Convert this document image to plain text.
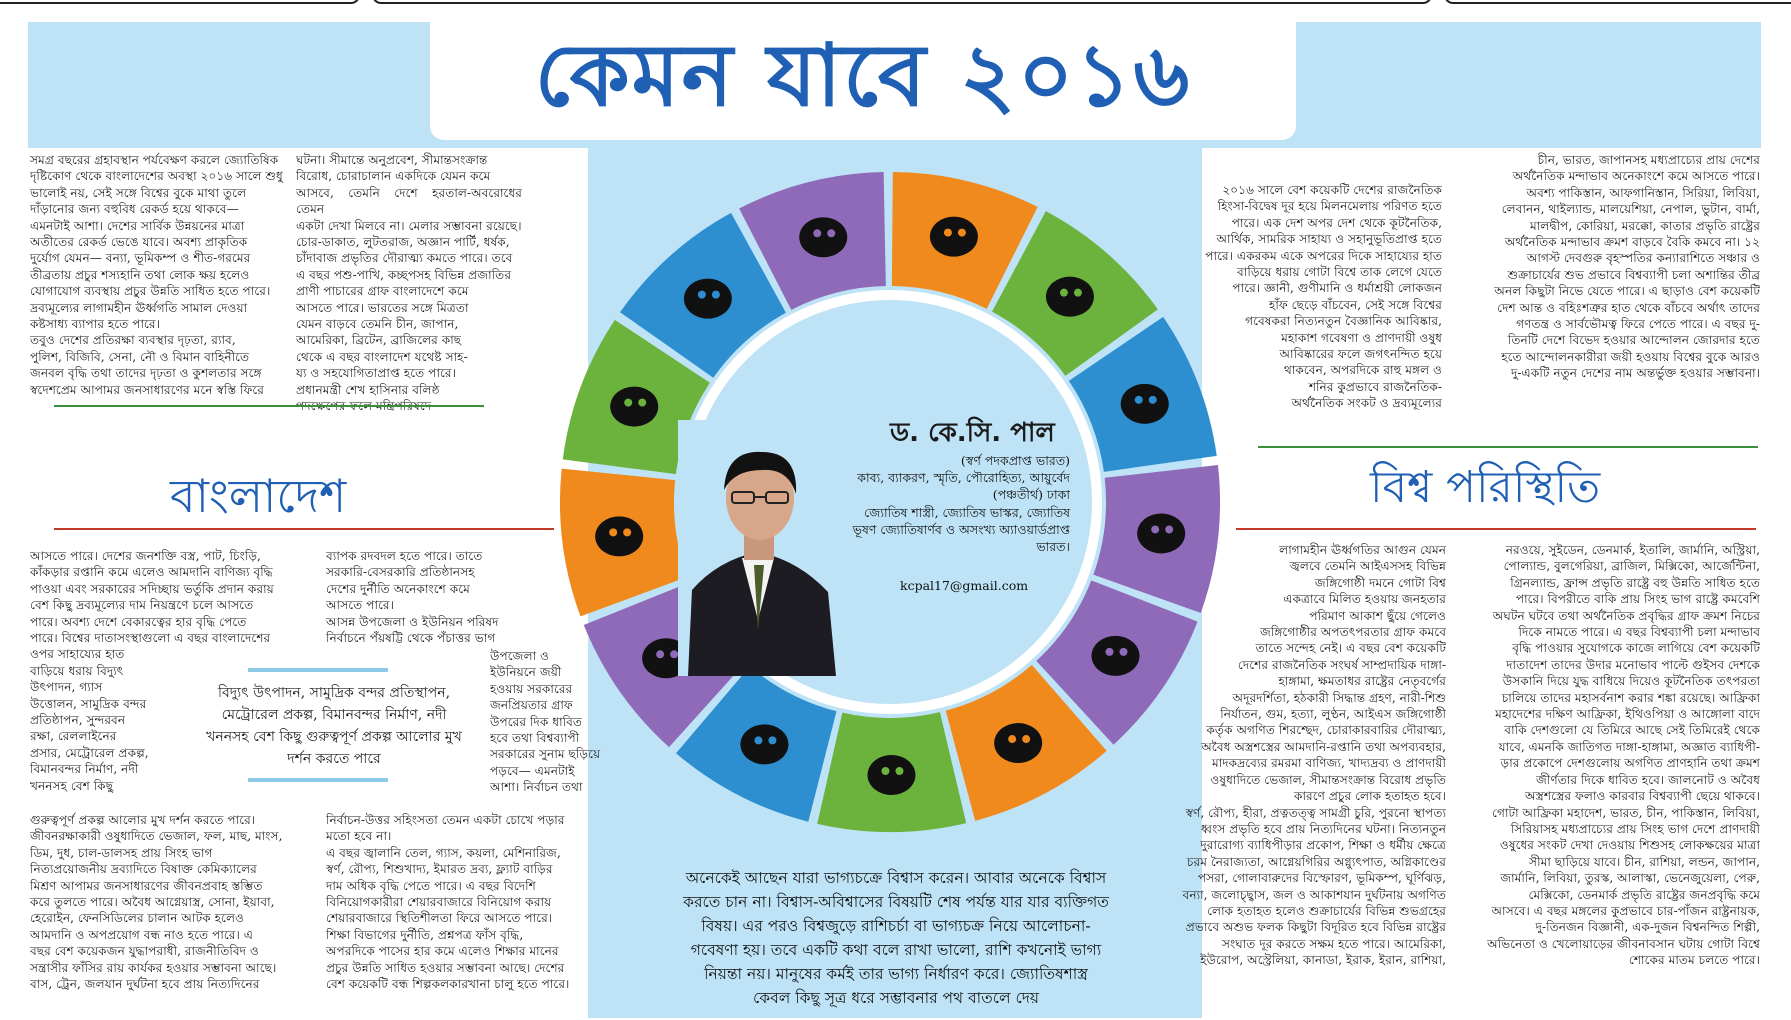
কেমন যাবে ২০১৬
সমগ্র বছরের গ্রহাবস্থান পর্যবেক্ষণ করলে জ্যোতিষিক
দৃষ্টিকোণ থেকে বাংলাদেশের অবস্থা ২০১৬ সালে শুধু
ভালোই নয়, সেই সঙ্গে বিশ্বের বুকে মাথা তুলে
দাঁড়ানোর জন্য বহুবিধ রেকর্ড হয়ে থাকবে—
এমনটাই আশা। দেশের সার্বিক উন্নয়নের মাত্রা
অতীতের রেকর্ড ভেঙে যাবে। অবশ্য প্রাকৃতিক
দুর্যোগ যেমন— বন্যা, ভূমিকম্প ও শীত-গরমের
তীব্রতায় প্রচুর শস্যহানি তথা লোক ক্ষয় হলেও
যোগাযোগ ব্যবস্থায় প্রচুর উন্নতি সাধিত হতে পারে।
দ্রব্যমূল্যের লাগামহীন ঊর্ধ্বগতি সামাল দেওয়া
কষ্টসাধ্য ব্যাপার হতে পারে।
তবুও দেশের প্রতিরক্ষা ব্যবস্থার দৃঢ়তা, র‌্যাব,
পুলিশ, বিজিবি, সেনা, নৌ ও বিমান বাহিনীতে
জনবল বৃদ্ধি তথা তাদের দৃঢ়তা ও কুশলতার সঙ্গে
স্বদেশপ্রেম আপামর জনসাধারণের মনে স্বস্তি ফিরে
ঘটনা। সীমান্তে অনুপ্রবেশ, সীমান্তসংক্রান্ত
বিরোধ, চোরাচালান একদিকে যেমন কমে
আসবে, তেমনি দেশে হরতাল-অবরোধের তেমন
একটা দেখা মিলবে না। মেলার সম্ভাবনা রয়েছে।
চোর-ডাকাত, লুটতরাজ, অজ্ঞান পার্টি, ধর্ষক,
চাঁদাবাজ প্রভৃতির দৌরাত্ম্য কমতে পারে। তবে
এ বছর পশু-পাখি, কচ্ছপসহ বিভিন্ন প্রজাতির
প্রাণী পাচারের গ্রাফ বাংলাদেশে কমে
আসতে পারে। ভারতের সঙ্গে মিত্রতা
যেমন বাড়বে তেমনি চীন, জাপান,
আমেরিকা, ব্রিটেন, ব্রাজিলের কাছ
থেকে এ বছর বাংলাদেশ যথেষ্ট সাহ-
য্য ও সহযোগিতাপ্রাপ্ত হতে পারে।
প্রধানমন্ত্রী শেখ হাসিনার বলিষ্ঠ
বাংলাদেশ
আসতে পারে। দেশের জনশক্তি বস্ত্র, পাট, চিংড়ি,
কাঁকড়ার রপ্তানি কমে এলেও আমদানি বাণিজ্য বৃদ্ধি
পাওয়া এবং সরকারের সদিচ্ছায় ভর্তুকি প্রদান করায়
বেশ কিছু দ্রব্যমূল্যের দাম নিয়ন্ত্রণে চলে আসতে
পারে। অবশ্য দেশে বেকারত্বের হার বৃদ্ধি পেতে
পারে। বিশ্বের দাতাসংস্থাগুলো এ বছর বাংলাদেশের
ওপর সাহায্যের হাত
বাড়িয়ে ধরায় বিদ্যুৎ
উৎপাদন, গ্যাস
উত্তোলন, সামুদ্রিক বন্দর
প্রতিষ্ঠাপন, সুন্দরবন
রক্ষা, রেললাইনের
প্রসার, মেট্রোরেল প্রকল্প,
বিমানবন্দর নির্মাণ, নদী
খননসহ বেশ কিছু
ব্যাপক রদবদল হতে পারে। তাতে
সরকারি-বেসরকারি প্রতিষ্ঠানসহ
দেশের দুর্নীতি অনেকাংশে কমে
আসতে পারে।
আসন্ন উপজেলা ও ইউনিয়ন পরিষদ
নির্বাচনে পঁয়ষট্টি থেকে পঁচাত্তর ভাগ
উপজেলা ও
ইউনিয়নে জয়ী
হওয়ায় সরকারের
জনপ্রিয়তার গ্রাফ
উপরের দিক ধাবিত
হবে তথা বিশ্বব্যাপী
সরকারের সুনাম ছড়িয়ে
পড়বে— এমনটাই
আশা। নির্বাচন তথা
বিদ্যুৎ উৎপাদন, সামুদ্রিক বন্দর প্রতিস্থাপন,
মেট্রোরেল প্রকল্প, বিমানবন্দর নির্মাণ, নদী
খননসহ বেশ কিছু গুরুত্বপূর্ণ প্রকল্প আলোর মুখ
দর্শন করতে পারে
গুরুত্বপূর্ণ প্রকল্প আলোর মুখ দর্শন করতে পারে।
জীবনরক্ষাকারী ওষুধাদিতে ভেজাল, ফল, মাছ, মাংস,
ডিম, দুধ, চাল-ডালসহ প্রায় সিংহ ভাগ
নিত্যপ্রয়োজনীয় দ্রব্যাদিতে বিষাক্ত কেমিক্যালের
মিশ্রণ আপামর জনসাধারণের জীবনপ্রবাহ স্তম্ভিত
করে তুলতে পারে। অবৈধ আগ্নেয়াস্ত্র, সোনা, ইয়াবা,
হেরোইন, ফেনসিডিলের চালান আটক হলেও
আমদানি ও অপপ্রয়োগ বন্ধ নাও হতে পারে। এ
বছর বেশ কয়েকজন যুদ্ধাপরাধী, রাজনীতিবিদ ও
সন্ত্রাসীর ফাঁসির রায় কার্যকর হওয়ার সম্ভাবনা আছে।
বাস, ট্রেন, জলযান দুর্ঘটনা হবে প্রায় নিত্যদিনের
নির্বাচন-উত্তর সহিংসতা তেমন একটা চোখে পড়ার
মতো হবে না।
এ বছর জ্বালানি তেল, গ্যাস, কয়লা, মেশিনারিজ,
স্বর্ণ, রৌপ্য, শিশুখাদ্য, ইমারত দ্রব্য, ফ্ল্যাট বাড়ির
দাম অধিক বৃদ্ধি পেতে পারে। এ বছর বিদেশি
বিনিয়োগকারীরা শেয়ারবাজারে বিনিয়োগ করায়
শেয়ারবাজারে স্থিতিশীলতা ফিরে আসতে পারে।
শিক্ষা বিভাগের দুর্নীতি, প্রশ্নপত্র ফাঁস বৃদ্ধি,
অপরদিকে পাসের হার কমে এলেও শিক্ষার মানের
প্রচুর উন্নতি সাধিত হওয়ার সম্ভাবনা আছে। দেশের
বেশ কয়েকটি বন্ধ শিল্পকলকারখানা চালু হতে পারে।
২০১৬ সালে বেশ কয়েকটি দেশের রাজনৈতিক
হিংসা-বিদ্বেষ দূর হয়ে মিলনমেলায় পরিণত হতে
পারে। এক দেশ অপর দেশ থেকে কূটনৈতিক,
আর্থিক, সামরিক সাহায্য ও সহানুভূতিপ্রাপ্ত হতে
পারে। একরকম একে অপরের দিকে সাহায্যের হাত
বাড়িয়ে ধরায় গোটা বিশ্বে তাক লেগে যেতে
পারে। জ্ঞানী, গুণীমানি ও ধর্মাশ্রয়ী লোকজন
হাঁফ ছেড়ে বাঁচবেন, সেই সঙ্গে বিশ্বের
গবেষকরা নিত্যনতুন বৈজ্ঞানিক আবিষ্কার,
মহাকাশ গবেষণা ও প্রাণদায়ী ওষুধ
আবিষ্কারের ফলে জগৎনন্দিত হয়ে
থাকবেন, অপরদিকে রাহু মঙ্গল ও
শনির কুপ্রভাবে রাজনৈতিক-
অর্থনৈতিক সংকট ও দ্রব্যমূল্যের
চীন, ভারত, জাপানসহ মধ্যপ্রাচ্যের প্রায় দেশের
অর্থনৈতিক মন্দাভাব অনেকাংশে কমে আসতে পারে।
অবশ্য পাকিস্তান, আফগানিস্তান, সিরিয়া, লিবিয়া,
লেবানন, থাইল্যান্ড, মালয়েশিয়া, নেপাল, ভুটান, বার্মা,
মালদ্বীপ, কোরিয়া, মরক্কো, কাতার প্রভৃতি রাষ্ট্রের
অর্থনৈতিক মন্দাভাব ক্রমশ বাড়বে বৈকি কমবে না। ১২
আগস্ট দেবগুরু বৃহস্পতির কন্যারাশিতে সঞ্চার ও
শুক্রাচার্যের শুভ প্রভাবে বিশ্বব্যাপী চলা অশান্তির তীব্র
অনল কিছুটা নিভে যেতে পারে। এ ছাড়াও বেশ কয়েকটি
দেশ আন্ত ও বহিঃশত্রুর হাত থেকে বাঁচবে অর্থাৎ তাদের
গণতন্ত্র ও সার্বভৌমত্ব ফিরে পেতে পারে। এ বছর দু-
তিনটি দেশে বিভেদ হওয়ার আন্দোলন জোরদার হতে
হতে আন্দোলনকারীরা জয়ী হওয়ায় বিশ্বের বুকে আরও
দু-একটি নতুন দেশের নাম অন্তর্ভুক্ত হওয়ার সম্ভাবনা।
বিশ্ব পরিস্থিতি
লাগামহীন ঊর্ধ্বগতির আগুন যেমন
জ্বলবে তেমনি আইএসসহ বিভিন্ন
জঙ্গিগোষ্ঠী দমনে গোটা বিশ্ব
একত্রাবে মিলিত হওয়ায় জনহতার
পরিমাণ আকাশ ছুঁয়ে গেলেও
জঙ্গিগোষ্ঠীর অপতৎপরতার গ্রাফ কমবে
তাতে সন্দেহ নেই। এ বছর বেশ কয়েকটি
দেশের রাজনৈতিক সংঘর্ষ সাম্প্রদায়িক দাঙ্গা-
হাঙ্গামা, ক্ষমতাধর রাষ্ট্রের নেতৃবর্গের
অদূরদর্শিতা, হঠকারী সিদ্ধান্ত গ্রহণ, নারী-শিশু
নির্যাতন, গুম, হত্যা, লুণ্ঠন, আইএস জঙ্গিগোষ্ঠী
কর্তৃক অগণিত শিরশ্ছেদ, চোরাকারবারির দৌরাত্ম্য,
অবৈধ অস্ত্রশস্ত্রের আমদানি-রপ্তানি তথা অপব্যবহার,
মাদকদ্রব্যের রমরমা বাণিজ্য, খাদ্যদ্রব্য ও প্রাণদায়ী
ওষুধাদিতে ভেজাল, সীমান্তসংক্রান্ত বিরোধ প্রভৃতি
কারণে প্রচুর লোক হতাহত হবে।
স্বর্ণ, রৌপ্য, হীরা, প্রত্নতত্ত্ব সামগ্রী চুরি, পুরনো স্থাপত্য
ধ্বংস প্রভৃতি হবে প্রায় নিত্যদিনের ঘটনা। নিত্যনতুন
দুরারোগ্য ব্যাধিপীড়ার প্রকোপ, শিক্ষা ও ধর্মীয় ক্ষেত্রে
চরম নৈরাজ্যতা, আগ্নেয়গিরির অগ্ন্যুৎপাত, অগ্নিকাণ্ডের
পসরা, গোলাবারুদের বিস্ফোরণ, ভূমিকম্প, ঘূর্ণিঝড়,
বন্যা, জলোচ্ছ্বাস, জল ও আকাশযান দুর্ঘটনায় অগণিত
লোক হতাহত হলেও শুক্রাচার্যের বিভিন্ন শুভগ্রহের
প্রভাবে অশুভ ফলক কিছুটা বিদূরিত হবে বিভিন্ন রাষ্ট্রের
সংঘাত দূর করতে সক্ষম হতে পারে। আমেরিকা,
ইউরোপ, অস্ট্রেলিয়া, কানাডা, ইরাক, ইরান, রাশিয়া,
নরওয়ে, সুইডেন, ডেনমার্ক, ইতালি, জার্মানি, অস্ট্রিয়া,
পোল্যান্ড, বুলগেরিয়া, ব্রাজিল, মিক্সিকো, আর্জেন্টিনা,
গ্রিনল্যান্ড, ফ্রান্স প্রভৃতি রাষ্ট্রে বহু উন্নতি সাধিত হতে
পারে। বিপরীতে বাকি প্রায় সিংহ ভাগ রাষ্ট্রে কমবেশি
অঘটন ঘটবে তথা অর্থনৈতিক প্রবৃদ্ধির গ্রাফ ক্রমশ নিচের
দিকে নামতে পারে। এ বছর বিশ্বব্যাপী চলা মন্দাভাব
বৃদ্ধি পাওয়ার সুযোগকে কাজে লাগিয়ে বেশ কয়েকটি
দাতাদেশ তাদের উদার মনোভাব পাল্টে গুইসব দেশকে
উসকানি দিয়ে যুদ্ধ বাধিয়ে দিয়েও কূটনৈতিক তৎপরতা
চালিয়ে তাদের মহাসর্বনাশ করার শঙ্কা রয়েছে। আফ্রিকা
মহাদেশের দক্ষিণ আফ্রিকা, ইথিওপিয়া ও আঙ্গোলা বাদে
বাকি দেশগুলো যে তিমিরে আছে সেই তিমিরেই থেকে
যাবে, এমনকি জাতিগত দাঙ্গা-হাঙ্গামা, অজ্ঞাত ব্যাধিপী-
ড়ার প্রকোপে দেশগুলোয় অগণিত প্রাণহানি তথা ক্রমশ
জীর্ণতার দিকে ধাবিত হবে। জালনোট ও অবৈধ
অস্ত্রশস্ত্রের ফলাও কারবার বিশ্বব্যাপী ছেয়ে থাকবে।
গোটা আফ্রিকা মহাদেশ, ভারত, চীন, পাকিস্তান, লিবিয়া,
সিরিয়াসহ মধ্যপ্রাচ্যের প্রায় সিংহ ভাগ দেশে প্রাণদায়ী
ওষুধের সংকট দেখা দেওয়ায় শিশুসহ লোকক্ষয়ের মাত্রা
সীমা ছাড়িয়ে যাবে। চীন, রাশিয়া, লন্ডন, জাপান,
জার্মানি, লিবিয়া, তুরস্ক, আলাস্কা, ভেনেজুয়েলা, পেরু,
মেক্সিকো, ডেনমার্ক প্রভৃতি রাষ্ট্রের জনপ্রবৃদ্ধি কমে
আসবে। এ বছর মঙ্গলের কুপ্রভাবে চার-পাঁজন রাষ্ট্রনায়ক,
দু-তিনজন বিজ্ঞানী, এক-দুজন বিশ্বনন্দিত শিল্পী,
অভিনেতা ও খেলোয়াড়ের জীবনাবসান ঘটায় গোটা বিশ্বে
শোকের মাতম চলতে পারে।
ড. কে.সি. পাল
(স্বর্ণ পদকপ্রাপ্ত ভারত)
কাব্য, ব্যাকরণ, স্মৃতি, পৌরোহিত্য, আয়ুর্বেদ
(পঞ্চতীর্থ) ঢাকা
জ্যোতিষ শাস্ত্রী, জ্যোতিষ ভাস্কর, জ্যোতিষ
ভূষণ জ্যোতিষার্ণব ও অসংখ্য অ্যাওয়ার্ডপ্রাপ্ত
ভারত।
kcpal17@gmail.com
অনেকেই আছেন যারা ভাগ্যচক্রে বিশ্বাস করেন। আবার অনেকে বিশ্বাস
করতে চান না। বিশ্বাস-অবিশ্বাসের বিষয়টি শেষ পর্যন্ত যার যার ব্যক্তিগত
বিষয়। এর পরও বিশ্বজুড়ে রাশিচর্চা বা ভাগ্যচক্র নিয়ে আলোচনা-
গবেষণা হয়। তবে একটি কথা বলে রাখা ভালো, রাশি কখনোই ভাগ্য
নিয়ন্তা নয়। মানুষের কর্মই তার ভাগ্য নির্ধারণ করে। জ্যোতিষশাস্ত্র
কেবল কিছু সূত্র ধরে সম্ভাবনার পথ বাতলে দেয়
